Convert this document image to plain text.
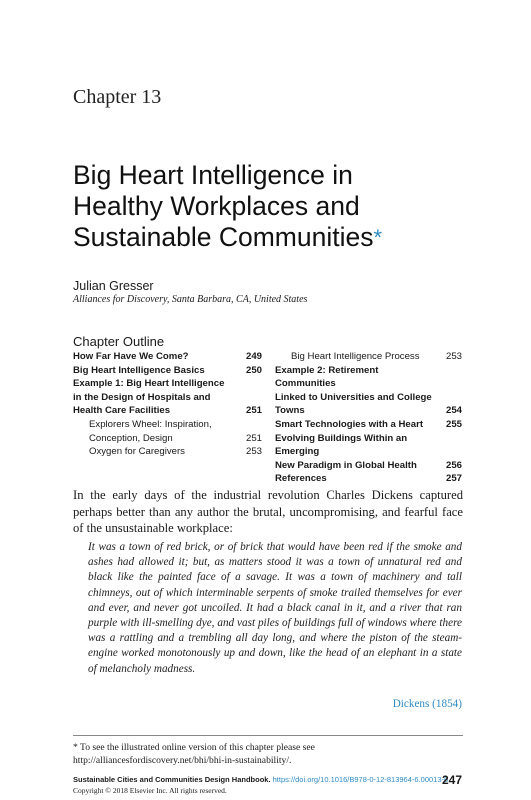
Chapter 13
Big Heart Intelligence in
Healthy Workplaces and
Sustainable Communities*
Julian Gresser
Alliances for Discovery, Santa Barbara, CA, United States
Chapter Outline
How Far Have We Come?	249
Big Heart Intelligence Basics	250
Example 1: Big Heart Intelligence
in the Design of Hospitals and
Health Care Facilities	251
Explorers Wheel: Inspiration,
Conception, Design	251
Oxygen for Caregivers	253
Big Heart Intelligence Process	253
Example 2: Retirement Communities
Linked to Universities and College
Towns	254
Smart Technologies with a Heart	255
Evolving Buildings Within an Emerging
New Paradigm in Global Health	256
References	257
In the early days of the industrial revolution Charles Dickens captured perhaps better than any author the brutal, uncompromising, and fearful face of the unsustainable workplace:
It was a town of red brick, or of brick that would have been red if the smoke and ashes had allowed it; but, as matters stood it was a town of unnatural red and black like the painted face of a savage. It was a town of machinery and tall chimneys, out of which interminable serpents of smoke trailed themselves for ever and ever, and never got uncoiled. It had a black canal in it, and a river that ran purple with ill-smelling dye, and vast piles of buildings full of windows where there was a rattling and a trembling all day long, and where the piston of the steam-engine worked monotonously up and down, like the head of an elephant in a state of melancholy madness.
Dickens (1854)
* To see the illustrated online version of this chapter please see http://alliancesfordiscovery.net/bhi/bhi-in-sustainability/.
Sustainable Cities and Communities Design Handbook. https://doi.org/10.1016/B978-0-12-813964-6.00013-6
Copyright © 2018 Elsevier Inc. All rights reserved.
247
